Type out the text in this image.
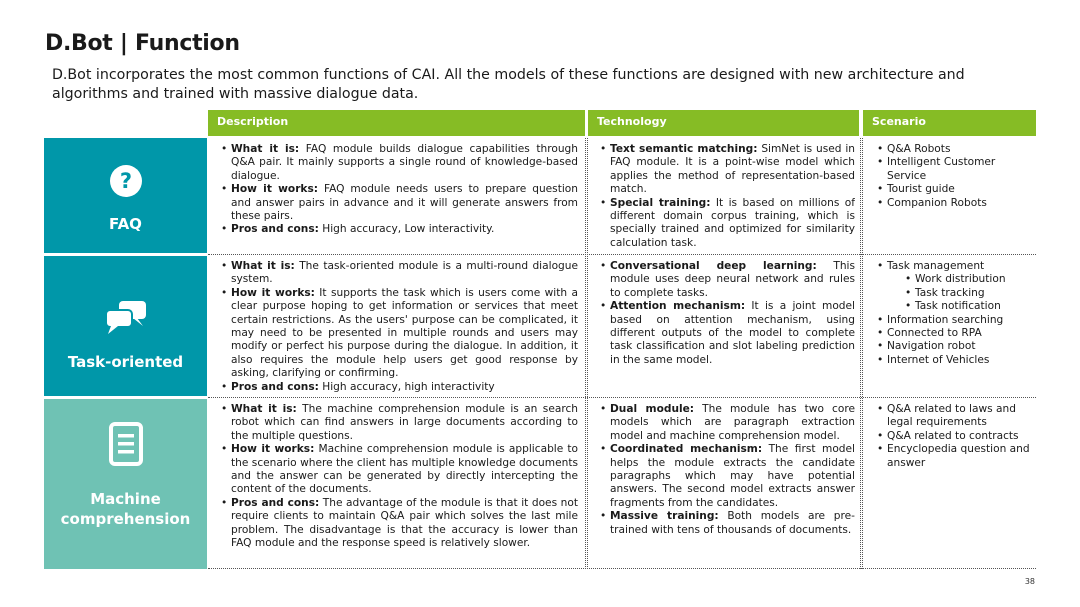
D.Bot | Function
D.Bot incorporates the most common functions of CAI. All the models of these functions are designed with new architecture and algorithms and trained with massive dialogue data.
Description	Technology	Scenario
?
FAQ
Task-oriented
Machine comprehension
• What it is: FAQ module builds dialogue capabilities through Q&A pair. It mainly supports a single round of knowledge-based dialogue.
• How it works: FAQ module needs users to prepare question and answer pairs in advance and it will generate answers from these pairs.
• Pros and cons: High accuracy, Low interactivity.
• Text semantic matching: SimNet is used in FAQ module. It is a point-wise model which applies the method of representation-based match.
• Special training: It is based on millions of different domain corpus training, which is specially trained and optimized for similarity calculation task.
• Q&A Robots
• Intelligent Customer Service
• Tourist guide
• Companion Robots
• What it is: The task-oriented module is a multi-round dialogue system.
• How it works: It supports the task which is users come with a clear purpose hoping to get information or services that meet certain restrictions. As the users' purpose can be complicated, it may need to be presented in multiple rounds and users may modify or perfect his purpose during the dialogue. In addition, it also requires the module help users get good response by asking, clarifying or confirming.
• Pros and cons: High accuracy, high interactivity
• Conversational deep learning: This module uses deep neural network and rules to complete tasks.
• Attention mechanism: It is a joint model based on attention mechanism, using different outputs of the model to complete task classification and slot labeling prediction in the same model.
• Task management
• Work distribution
• Task tracking
• Task notification
• Information searching
• Connected to RPA
• Navigation robot
• Internet of Vehicles
• What it is: The machine comprehension module is an search robot which can find answers in large documents according to the multiple questions.
• How it works: Machine comprehension module is applicable to the scenario where the client has multiple knowledge documents and the answer can be generated by directly intercepting the content of the documents.
• Pros and cons: The advantage of the module is that it does not require clients to maintain Q&A pair which solves the last mile problem. The disadvantage is that the accuracy is lower than FAQ module and the response speed is relatively slower.
• Dual module: The module has two core models which are paragraph extraction model and machine comprehension model.
• Coordinated mechanism: The first model helps the module extracts the candidate paragraphs which may have potential answers. The second model extracts answer fragments from the candidates.
• Massive training: Both models are pre-trained with tens of thousands of documents.
• Q&A related to laws and legal requirements
• Q&A related to contracts
• Encyclopedia question and answer
38
